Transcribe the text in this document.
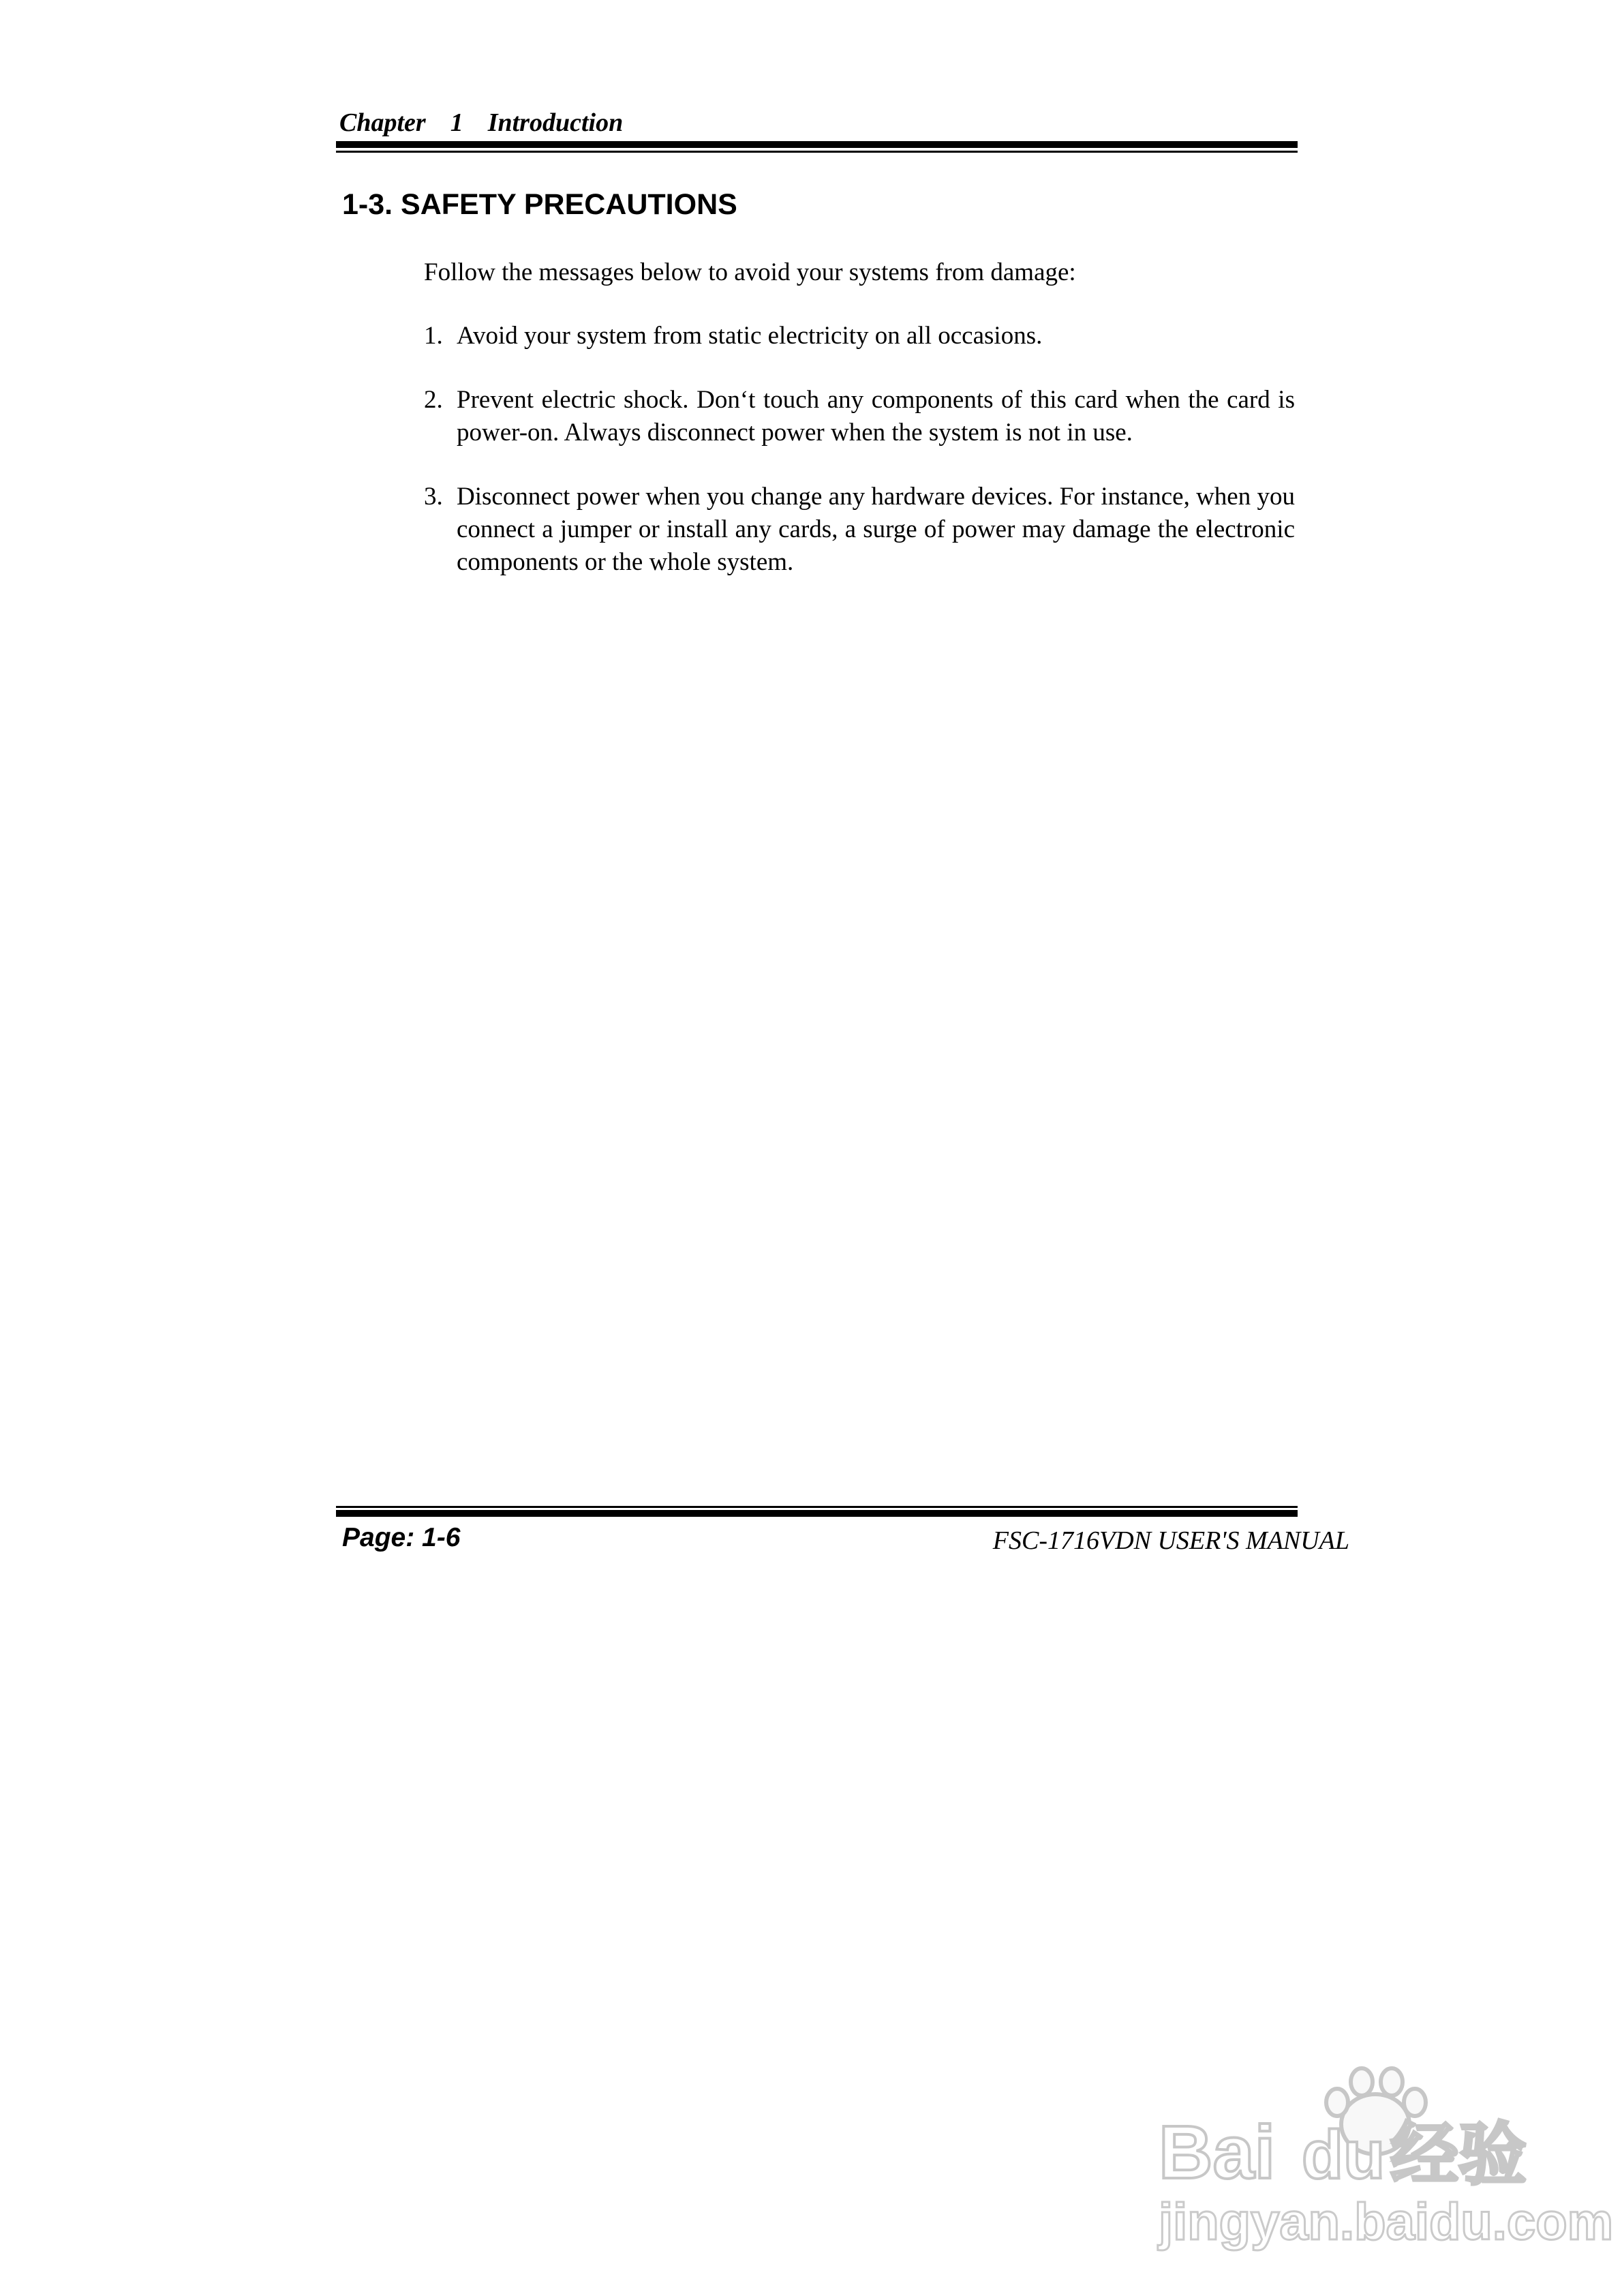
Chapter 1 Introduction
1-3. SAFETY PRECAUTIONS
Follow the messages below to avoid your systems from damage:
1. Avoid your system from static electricity on all occasions.
2. Prevent electric shock. Don‘t touch any components of this card when the card is power-on. Always disconnect power when the system is not in use.
3. Disconnect power when you change any hardware devices. For instance, when you connect a jumper or install any cards, a surge of power may damage the electronic components or the whole system.
Page: 1-6	FSC-1716VDN USER'S MANUAL
Bai du 经验
jingyan.baidu.com
